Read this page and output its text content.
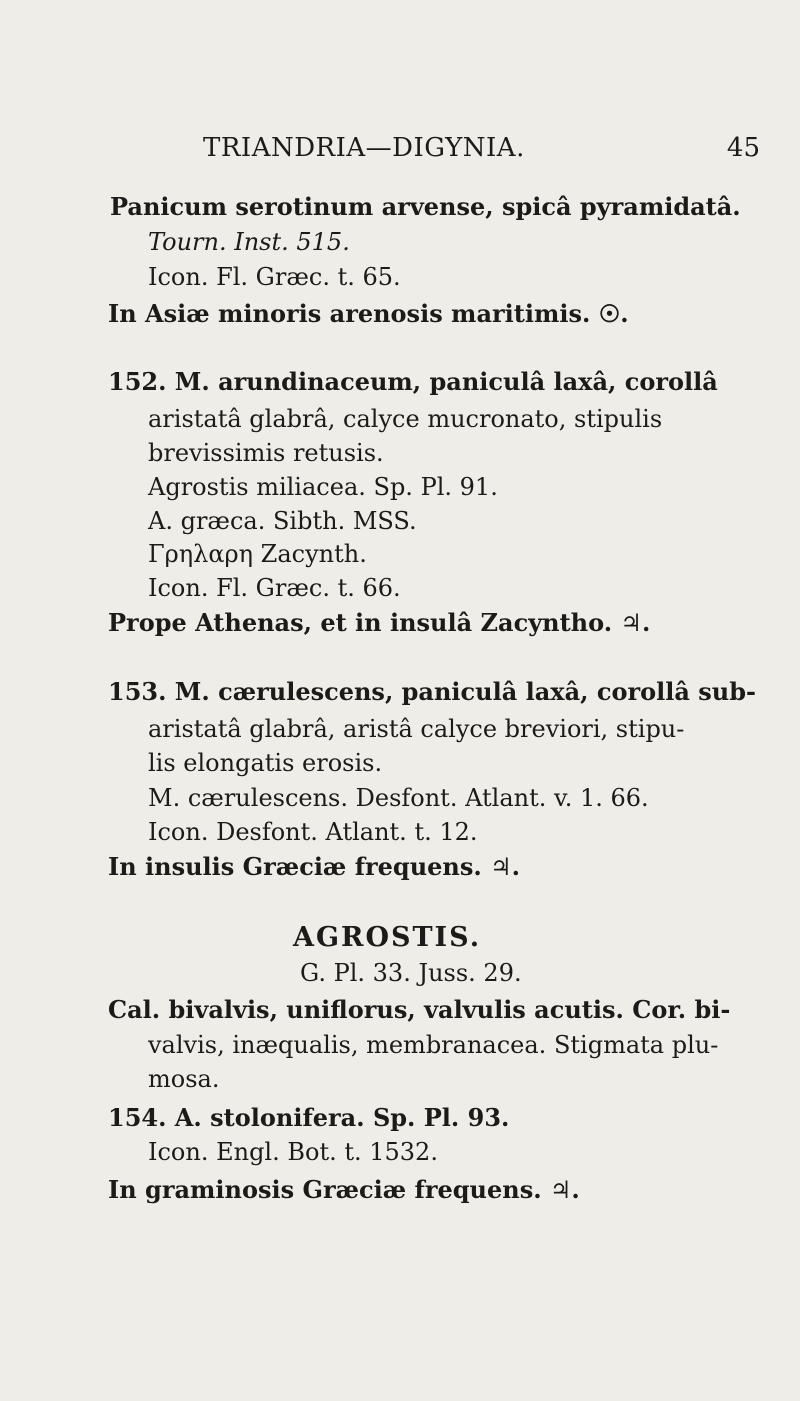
TRIANDRIA—DIGYNIA.	45
Panicum serotinum arvense, spicâ pyramidatâ.
Tourn. Inst. 515.
Icon. Fl. Græc. t. 65.
In Asiæ minoris arenosis maritimis. ☉.
152. M. arundinaceum, paniculâ laxâ, corollâ
aristatâ glabrâ, calyce mucronato, stipulis
brevissimis retusis.
Agrostis miliacea. Sp. Pl. 91.
A. græca. Sibth. MSS.
Γρηλαρη Zacynth.
Icon. Fl. Græc. t. 66.
Prope Athenas, et in insulâ Zacyntho. ♃.
153. M. cærulescens, paniculâ laxâ, corollâ sub-
aristatâ glabrâ, aristâ calyce breviori, stipu-
lis elongatis erosis.
M. cærulescens. Desfont. Atlant. v. 1. 66.
Icon. Desfont. Atlant. t. 12.
In insulis Græciæ frequens. ♃.
AGROSTIS.
G. Pl. 33. Juss. 29.
Cal. bivalvis, uniflorus, valvulis acutis. Cor. bi-
valvis, inæqualis, membranacea. Stigmata plu-
mosa.
154. A. stolonifera. Sp. Pl. 93.
Icon. Engl. Bot. t. 1532.
In graminosis Græciæ frequens. ♃.
